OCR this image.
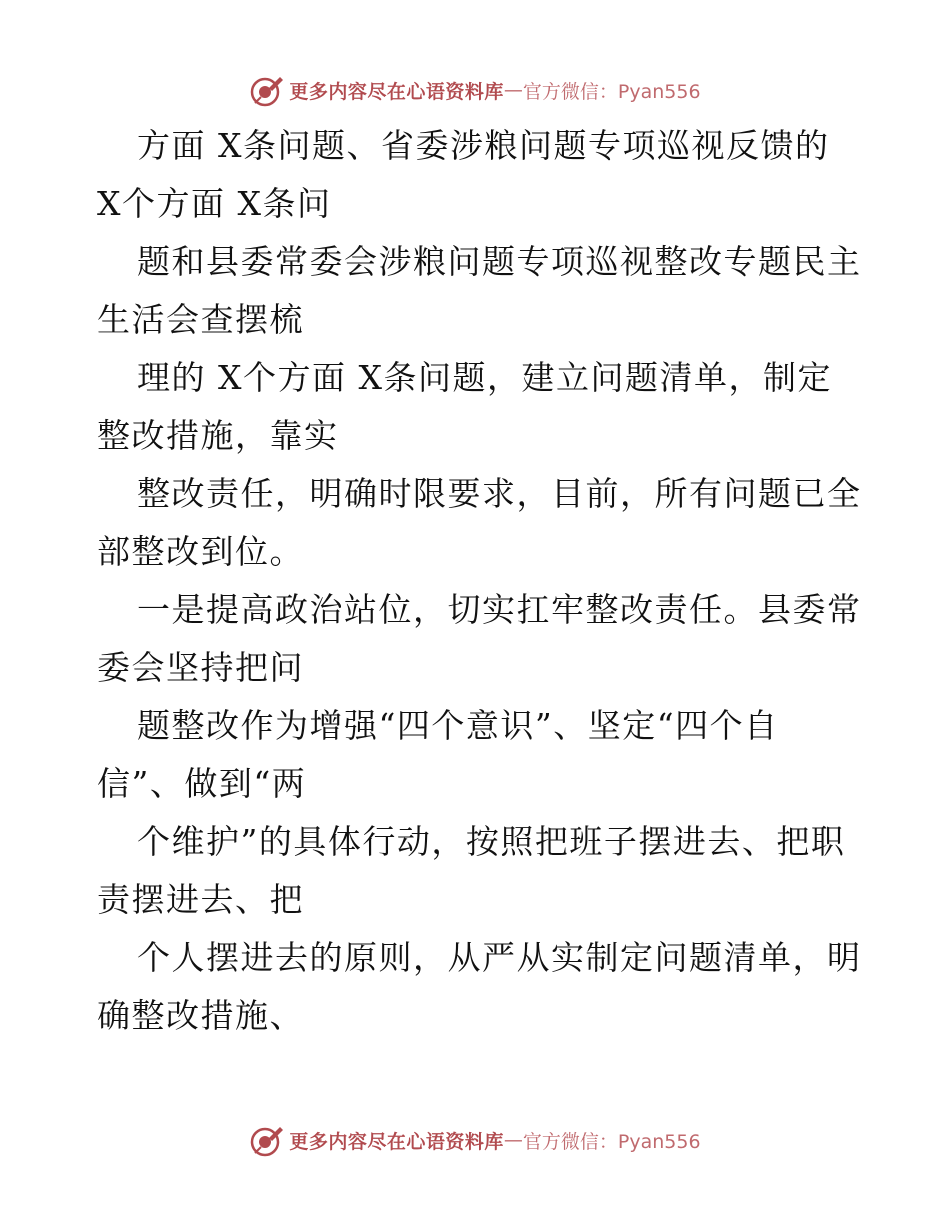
更多内容尽在心语资料库 — 官方微信：Pyan556
方面 X条问题、省委涉粮问题专项巡视反馈的
X个方面 X条问
题和县委常委会涉粮问题专项巡视整改专题民主
生活会查摆梳
理的 X个方面 X条问题，建立问题清单，制定
整改措施，靠实
整改责任，明确时限要求，目前，所有问题已全
部整改到位。
一是提高政治站位，切实扛牢整改责任。县委常
委会坚持把问
题整改作为增强“四个意识”、坚定“四个自
信”、做到“两
个维护”的具体行动，按照把班子摆进去、把职
责摆进去、把
个人摆进去的原则，从严从实制定问题清单，明
确整改措施、
更多内容尽在心语资料库 — 官方微信：Pyan556
